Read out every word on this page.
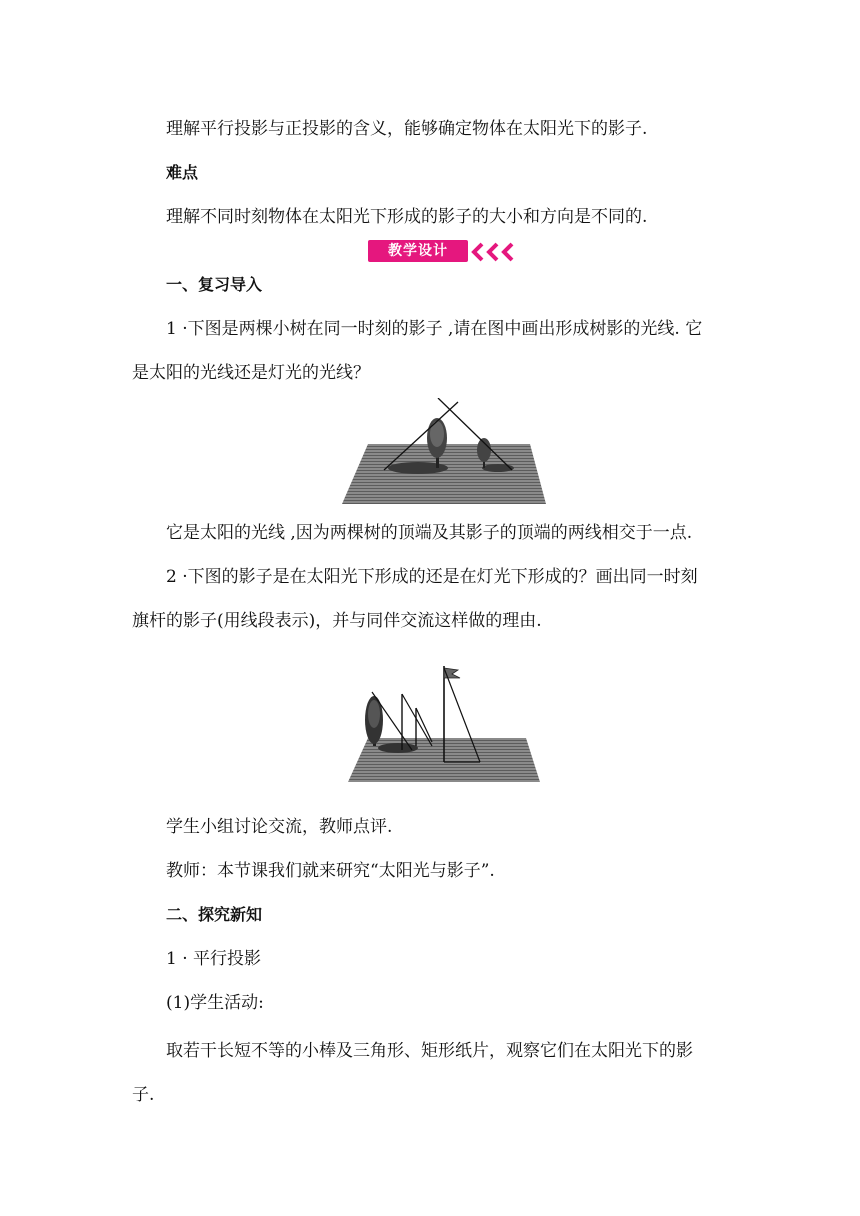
理解平行投影与正投影的含义，能够确定物体在太阳光下的影子.
难点
理解不同时刻物体在太阳光下形成的影子的大小和方向是不同的.
教学设计
一、复习导入
1 ·下图是两棵小树在同一时刻的影子 ,请在图中画出形成树影的光线. 它
是太阳的光线还是灯光的光线？
它是太阳的光线 ,因为两棵树的顶端及其影子的顶端的两线相交于一点.
2 ·下图的影子是在太阳光下形成的还是在灯光下形成的？画出同一时刻
旗杆的影子(用线段表示)，并与同伴交流这样做的理由.
学生小组讨论交流，教师点评.
教师：本节课我们就来研究“太阳光与影子”.
二、探究新知
1 · 平行投影
(1)学生活动:
取若干长短不等的小棒及三角形、矩形纸片，观察它们在太阳光下的影
子.
